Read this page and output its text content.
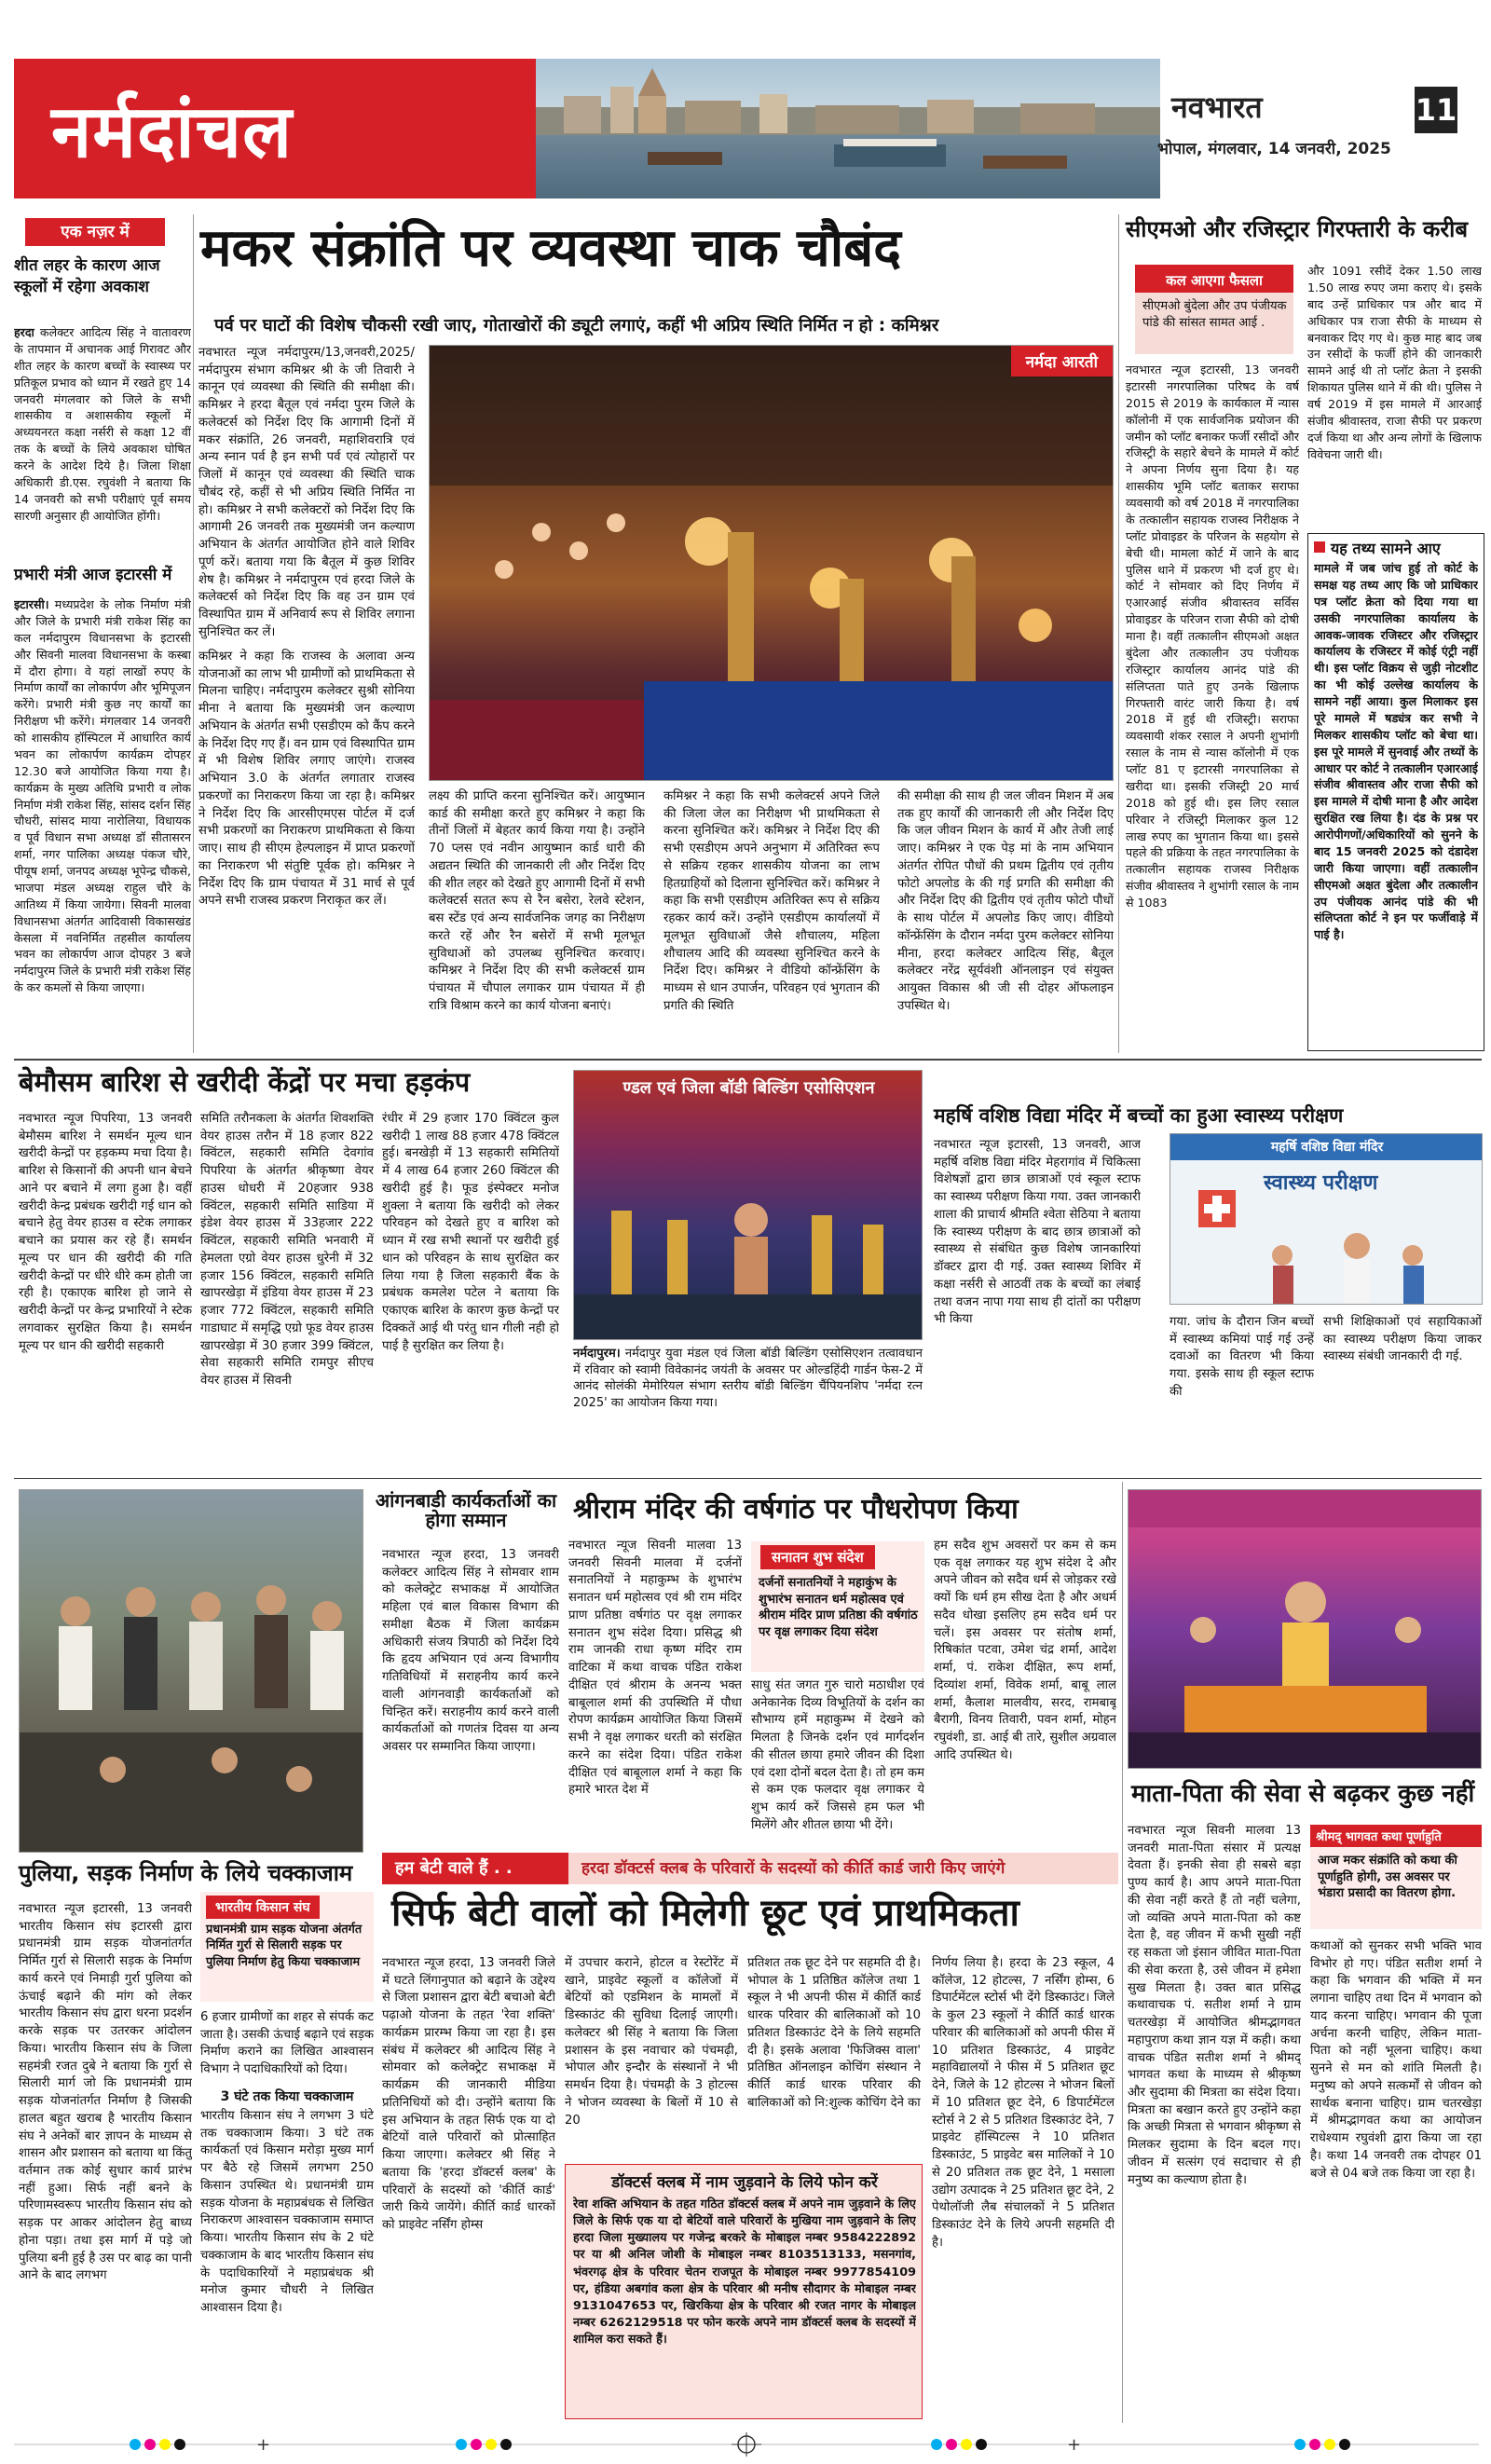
नर्मदांचल	नवभारत	11
भोपाल, मंगलवार, 14 जनवरी, 2025
एक नज़र में
शीत लहर के कारण आज स्कूलों में रहेगा अवकाश
हरदा कलेक्टर आदित्य सिंह ने वातावरण के तापमान में अचानक आई गिरावट और शीत लहर के कारण बच्चों के स्वास्थ्य पर प्रतिकूल प्रभाव को ध्यान में रखते हुए 14 जनवरी मंगलवार को जिले के सभी शासकीय व अशासकीय स्कूलों में अध्ययनरत कक्षा नर्सरी से कक्षा 12 वीं तक के बच्चों के लिये अवकाश घोषित करने के आदेश दिये है। जिला शिक्षा अधिकारी डी.एस. रघुवंशी ने बताया कि 14 जनवरी को सभी परीक्षाएं पूर्व समय सारणी अनुसार ही आयोजित होंगी।
प्रभारी मंत्री आज इटारसी में
इटारसी। मध्यप्रदेश के लोक निर्माण मंत्री और जिले के प्रभारी मंत्री राकेश सिंह का कल नर्मदापुरम विधानसभा के इटारसी और सिवनी मालवा विधानसभा के कस्बा में दौरा होगा। वे यहां लाखों रुपए के निर्माण कार्यों का लोकार्पण और भूमिपूजन करेंगे। प्रभारी मंत्री कुछ नए कार्यों का निरीक्षण भी करेंगे। मंगलवार 14 जनवरी को शासकीय हॉस्पिटल में आधारित कार्य भवन का लोकार्पण कार्यक्रम दोपहर 12.30 बजे आयोजित किया गया है। कार्यक्रम के मुख्य अतिथि प्रभारी व लोक निर्माण मंत्री राकेश सिंह, सांसद दर्शन सिंह चौधरी, सांसद माया नारोलिया, विधायक व पूर्व विधान सभा अध्यक्ष डॉ सीतासरन शर्मा, नगर पालिका अध्यक्ष पंकज चौरे, पीयूष शर्मा, जनपद अध्यक्ष भूपेन्द्र चौकसे, भाजपा मंडल अध्यक्ष राहुल चौरे के आतिथ्य में किया जायेगा। सिवनी मालवा विधानसभा अंतर्गत आदिवासी विकासखंड केसला में नवनिर्मित तहसील कार्यालय भवन का लोकार्पण आज दोपहर 3 बजे नर्मदापुरम जिले के प्रभारी मंत्री राकेश सिंह के कर कमलों से किया जाएगा।
मकर संक्रांति पर व्यवस्था चाक चौबंद
पर्व पर घाटों की विशेष चौकसी रखी जाए, गोताखोरों की ड्यूटी लगाएं, कहीं भी अप्रिय स्थिति निर्मित न हो : कमिश्नर
नवभारत न्यूज नर्मदापुरम/13,जनवरी,2025/ नर्मदापुरम संभाग कमिश्नर श्री के जी तिवारी ने कानून एवं व्यवस्था की स्थिति की समीक्षा की। कमिश्नर ने हरदा बैतूल एवं नर्मदा पुरम जिले के कलेक्टर्स को निर्देश दिए कि आगामी दिनों में मकर संक्रांति, 26 जनवरी, महाशिवरात्रि एवं अन्य स्नान पर्व है इन सभी पर्व एवं त्योहारों पर जिलों में कानून एवं व्यवस्था की स्थिति चाक चौबंद रहे, कहीं से भी अप्रिय स्थिति निर्मित ना हो। कमिश्नर ने सभी कलेक्टरों को निर्देश दिए कि आगामी 26 जनवरी तक मुख्यमंत्री जन कल्याण अभियान के अंतर्गत आयोजित होने वाले शिविर पूर्ण करें। बताया गया कि बैतूल में कुछ शिविर शेष है। कमिश्नर ने नर्मदापुरम एवं हरदा जिले के कलेक्टर्स को निर्देश दिए कि वह उन ग्राम एवं विस्थापित ग्राम में अनिवार्य रूप से शिविर लगाना सुनिश्चित कर लें।
कमिश्नर ने कहा कि राजस्व के अलावा अन्य योजनाओं का लाभ भी ग्रामीणों को प्राथमिकता से मिलना चाहिए। नर्मदापुरम कलेक्टर सुश्री सोनिया मीना ने बताया कि मुख्यमंत्री जन कल्याण अभियान के अंतर्गत सभी एसडीएम को कैंप करने के निर्देश दिए गए हैं। वन ग्राम एवं विस्थापित ग्राम में भी विशेष शिविर लगाए जाएंगे। राजस्व अभियान 3.0 के अंतर्गत लगातार राजस्व प्रकरणों का निराकरण किया जा रहा है। कमिश्नर ने निर्देश दिए कि आरसीएमएस पोर्टल में दर्ज सभी प्रकरणों का निराकरण प्राथमिकता से किया जाए। साथ ही सीएम हेल्पलाइन में प्राप्त प्रकरणों का निराकरण भी संतुष्टि पूर्वक हो। कमिश्नर ने निर्देश दिए कि ग्राम पंचायत में 31 मार्च से पूर्व अपने सभी राजस्व प्रकरण निराकृत कर लें।
नर्मदा आरती
लक्ष्य की प्राप्ति करना सुनिश्चित करें। आयुष्मान कार्ड की समीक्षा करते हुए कमिश्नर ने कहा कि तीनों जिलों में बेहतर कार्य किया गया है। उन्होंने 70 प्लस एवं नवीन आयुष्मान कार्ड धारी की अद्यतन स्थिति की जानकारी ली और निर्देश दिए की शीत लहर को देखते हुए आगामी दिनों में सभी कलेक्टर्स सतत रूप से रैन बसेरा, रेलवे स्टेशन, बस स्टेंड एवं अन्य सार्वजनिक जगह का निरीक्षण करते रहें और रैन बसेरों में सभी मूलभूत सुविधाओं को उपलब्ध सुनिश्चित करवाए। कमिश्नर ने निर्देश दिए की सभी कलेक्टर्स ग्राम पंचायत में चौपाल लगाकर ग्राम पंचायत में ही रात्रि विश्राम करने का कार्य योजना बनाएं।
कमिश्नर ने कहा कि सभी कलेक्टर्स अपने जिले की जिला जेल का निरीक्षण भी प्राथमिकता से करना सुनिश्चित करें। कमिश्नर ने निर्देश दिए की सभी एसडीएम अपने अनुभाग में अतिरिक्त रूप से सक्रिय रहकर शासकीय योजना का लाभ हितग्राहियों को दिलाना सुनिश्चित करें। कमिश्नर ने कहा कि सभी एसडीएम अतिरिक्त रूप से सक्रिय रहकर कार्य करें। उन्होंने एसडीएम कार्यालयों में मूलभूत सुविधाओं जैसे शौचालय, महिला शौचालय आदि की व्यवस्था सुनिश्चित करने के निर्देश दिए। कमिश्नर ने वीडियो कॉन्फ्रेंसिंग के माध्यम से धान उपार्जन, परिवहन एवं भुगतान की प्रगति की स्थिति
की समीक्षा की साथ ही जल जीवन मिशन में अब तक हुए कार्यों की जानकारी ली और निर्देश दिए कि जल जीवन मिशन के कार्य में और तेजी लाई जाए। कमिश्नर ने एक पेड़ मां के नाम अभियान अंतर्गत रोपित पौधों की प्रथम द्वितीय एवं तृतीय फोटो अपलोड के की गई प्रगति की समीक्षा की और निर्देश दिए की द्वितीय एवं तृतीय फोटो पौधों के साथ पोर्टल में अपलोड किए जाए। वीडियो कॉन्फ्रेंसिंग के दौरान नर्मदा पुरम कलेक्टर सोनिया मीना, हरदा कलेक्टर आदित्य सिंह, बैतूल कलेक्टर नरेंद्र सूर्यवंशी ऑनलाइन एवं संयुक्त आयुक्त विकास श्री जी सी दोहर ऑफलाइन उपस्थित थे।
सीएमओ और रजिस्ट्रार गिरफ्तारी के करीब
कल आएगा फैसला
सीएमओ बुंदेला और उप पंजीयक पांडे की सांसत सामत आई .
नवभारत न्यूज इटारसी, 13 जनवरी इटारसी नगरपालिका परिषद के वर्ष 2015 से 2019 के कार्यकाल में न्यास कॉलोनी में एक सार्वजनिक प्रयोजन की जमीन को प्लॉट बनाकर फर्जी रसीदों और रजिस्ट्री के सहारे बेचने के मामले में कोर्ट ने अपना निर्णय सुना दिया है। यह शासकीय भूमि प्लॉट बताकर सराफा व्यवसायी को वर्ष 2018 में नगरपालिका के तत्कालीन सहायक राजस्व निरीक्षक ने प्लॉट प्रोवाइडर के परिजन के सहयोग से बेची थी। मामला कोर्ट में जाने के बाद पुलिस थाने में प्रकरण भी दर्ज हुए थे। कोर्ट ने सोमवार को दिए निर्णय में एआरआई संजीव श्रीवास्तव सर्विस प्रोवाइडर के परिजन राजा सैफी को दोषी माना है। वहीं तत्कालीन सीएमओ अक्षत बुंदेला और तत्कालीन उप पंजीयक रजिस्ट्रार कार्यालय आनंद पांडे की संलिप्तता पाते हुए उनके खिलाफ गिरफ्तारी वारंट जारी किया है। वर्ष 2018 में हुई थी रजिस्ट्री। सराफा व्यवसायी शंकर रसाल ने अपनी शुभांगी रसाल के नाम से न्यास कॉलोनी में एक प्लॉट 81 ए इटारसी नगरपालिका से खरीदा था। इसकी रजिस्ट्री 20 मार्च 2018 को हुई थी। इस लिए रसाल परिवार ने रजिस्ट्री मिलाकर कुल 12 लाख रुपए का भुगतान किया था। इससे पहले की प्रक्रिया के तहत नगरपालिका के तत्कालीन सहायक राजस्व निरीक्षक संजीव श्रीवास्तव ने शुभांगी रसाल के नाम से 1083
और 1091 रसीदें देकर 1.50 लाख 1.50 लाख रुपए जमा कराए थे। इसके बाद उन्हें प्राधिकार पत्र और बाद में अधिकार पत्र राजा सैफी के माध्यम से बनवाकर दिए गए थे। कुछ माह बाद जब उन रसीदों के फर्जी होने की जानकारी सामने आई थी तो प्लॉट क्रेता ने इसकी शिकायत पुलिस थाने में की थी। पुलिस ने वर्ष 2019 में इस मामले में आरआई संजीव श्रीवास्तव, राजा सैफी पर प्रकरण दर्ज किया था और अन्य लोगों के खिलाफ विवेचना जारी थी।
यह तथ्य सामने आए
मामले में जब जांच हुई तो कोर्ट के समक्ष यह तथ्य आए कि जो प्राधिकार पत्र प्लॉट क्रेता को दिया गया था उसकी नगरपालिका कार्यालय के आवक-जावक रजिस्टर और रजिस्ट्रार कार्यालय के रजिस्टर में कोई एंट्री नहीं थी। इस प्लॉट विक्रय से जुड़ी नोटशीट का भी कोई उल्लेख कार्यालय के सामने नहीं आया। कुल मिलाकर इस पूरे मामले में षड्यंत्र कर सभी ने मिलकर शासकीय प्लॉट को बेचा था। इस पूरे मामले में सुनवाई और तथ्यों के आधार पर कोर्ट ने तत्कालीन एआरआई संजीव श्रीवास्तव और राजा सैफी को इस मामले में दोषी माना है और आदेश सुरक्षित रख लिया है। दंड के प्रश्न पर आरोपीगणों/अधिकारियों को सुनने के बाद 15 जनवरी 2025 को दंडादेश जारी किया जाएगा। वहीं तत्कालीन सीएमओ अक्षत बुंदेला और तत्कालीन उप पंजीयक आनंद पांडे की भी संलिप्तता कोर्ट ने इन पर फर्जीवाड़े में पाई है।
बेमौसम बारिश से खरीदी केंद्रों पर मचा हड़कंप
नवभारत न्यूज पिपरिया, 13 जनवरी बेमौसम बारिश ने समर्थन मूल्य धान खरीदी केन्द्रों पर हड़कम्प मचा दिया है। बारिश से किसानों की अपनी धान बेचने आने पर बचाने में लगा हुआ है। वहीं खरीदी केन्द्र प्रबंधक खरीदी गई धान को बचाने हेतु वेयर हाउस व स्टेक लगाकर बचाने का प्रयास कर रहे हैं। समर्थन मूल्य पर धान की खरीदी की गति खरीदी केन्द्रों पर धीरे धीरे कम होती जा रही है। एकाएक बारिश हो जाने से खरीदी केन्द्रों पर केन्द्र प्रभारियों ने स्टेक लगवाकर सुरक्षित किया है। समर्थन मूल्य पर धान की खरीदी सहकारी
समिति तरौनकला के अंतर्गत शिवशक्ति वेयर हाउस तरौन में 18 हजार 822 क्विंटल, सहकारी समिति देवगांव पिपरिया के अंतर्गत श्रीकृष्णा वेयर हाउस धोधरी में 20हजार 938 क्विंटल, सहकारी समिति साडिया में इंडेश वेयर हाउस में 33हजार 222 क्विंटल, सहकारी समिति भनवारी में हेमलता एग्रो वेयर हाउस धुरेनी में 32 हजार 156 क्विंटल, सहकारी समिति खापरखेड़ा में इंडिया वेयर हाउस में 23 हजार 772 क्विंटल, सहकारी समिति गाडाघाट में समृद्धि एग्रो फूड वेयर हाउस खापरखेड़ा में 30 हजार 399 क्विंटल, सेवा सहकारी समिति रामपुर सीएच वेयर हाउस में सिवनी
रंधीर में 29 हजार 170 क्विंटल कुल खरीदी 1 लाख 88 हजार 478 क्विंटल हुई। बनखेड़ी में 13 सहकारी समितियों में 4 लाख 64 हजार 260 क्विंटल की खरीदी हुई है। फूड इंस्पेक्टर मनोज शुक्ला ने बताया कि खरीदी को लेकर परिवहन को देखते हुए व बारिश को ध्यान में रख सभी स्थानों पर खरीदी हुई धान को परिवहन के साथ सुरक्षित कर लिया गया है जिला सहकारी बैंक के प्रबंधक कमलेश पटेल ने बताया कि एकाएक बारिश के कारण कुछ केन्द्रों पर दिक्कतें आई थी परंतु धान गीली नही हो पाई है सुरक्षित कर लिया है।
ण्डल एवं जिला बॉडी बिल्डिंग एसोसिएशन
नर्मदापुरम। नर्मदापुर युवा मंडल एवं जिला बॉडी बिल्डिंग एसोसिएशन तत्वावधान में रविवार को स्वामी विवेकानंद जयंती के अवसर पर ओल्डहिंदी गार्डन फेस-2 में आनंद सोलंकी मेमोरियल संभाग स्तरीय बॉडी बिल्डिंग चैंपियनशिप 'नर्मदा रत्न 2025' का आयोजन किया गया।
महर्षि वशिष्ठ विद्या मंदिर में बच्चों का हुआ स्वास्थ्य परीक्षण
नवभारत न्यूज इटारसी, 13 जनवरी, आज महर्षि वशिष्ठ विद्या मंदिर मेहरागांव में चिकित्सा विशेषज्ञों द्वारा छात्र छात्राओं एवं स्कूल स्टाफ का स्वास्थ्य परीक्षण किया गया. उक्त जानकारी शाला की प्राचार्य श्रीमति श्वेता सेठिया ने बताया कि स्वास्थ्य परीक्षण के बाद छात्र छात्राओं को स्वास्थ्य से संबंधित कुछ विशेष जानकारियां डॉक्टर द्वारा दी गई. उक्त स्वास्थ्य शिविर में कक्षा नर्सरी से आठवीं तक के बच्चों का लंबाई तथा वजन नापा गया साथ ही दांतों का परीक्षण भी किया
महर्षि वशिष्ठ विद्या मंदिर
स्वास्थ्य परीक्षण
गया. जांच के दौरान जिन बच्चों में स्वास्थ्य कमियां पाई गई उन्हें दवाओं का वितरण भी किया गया. इसके साथ ही स्कूल स्टाफ की
सभी शिक्षिकाओं एवं सहायिकाओं का स्वास्थ्य परीक्षण किया जाकर स्वास्थ्य संबंधी जानकारी दी गई.
आंगनबाडी कार्यकर्ताओं का होगा सम्मान
नवभारत न्यूज हरदा, 13 जनवरी कलेक्टर आदित्य सिंह ने सोमवार शाम को कलेक्ट्रेट सभाकक्ष में आयोजित महिला एवं बाल विकास विभाग की समीक्षा बैठक में जिला कार्यक्रम अधिकारी संजय त्रिपाठी को निर्देश दिये कि हृदय अभियान एवं अन्य विभागीय गतिविधियों में सराहनीय कार्य करने वाली आंगनवाड़ी कार्यकर्ताओं को चिन्हित करें। सराहनीय कार्य करने वाली कार्यकर्ताओं को गणतंत्र दिवस या अन्य अवसर पर सम्मानित किया जाएगा।
श्रीराम मंदिर की वर्षगांठ पर पौधरोपण किया
नवभारत न्यूज सिवनी मालवा 13 जनवरी सिवनी मालवा में दर्जनों सनातनियों ने महाकुम्भ के शुभारंभ सनातन धर्म महोत्सव एवं श्री राम मंदिर प्राण प्रतिष्ठा वर्षगांठ पर वृक्ष लगाकर सनातन शुभ संदेश दिया। प्रसिद्ध श्री राम जानकी राधा कृष्ण मंदिर राम वाटिका में कथा वाचक पंडित राकेश दीक्षित एवं श्रीराम के अनन्य भक्त बाबूलाल शर्मा की उपस्थिति में पौधा रोपण कार्यक्रम आयोजित किया जिसमें सभी ने वृक्ष लगाकर धरती को संरक्षित करने का संदेश दिया। पंडित राकेश दीक्षित एवं बाबूलाल शर्मा ने कहा कि हमारे भारत देश में
सनातन शुभ संदेश
दर्जनों सनातनियों ने महाकुंभ के शुभारंभ सनातन धर्म महोत्सव एवं श्रीराम मंदिर प्राण प्रतिष्ठा की वर्षगांठ पर वृक्ष लगाकर दिया संदेश
साधु संत जगत गुरु चारो मठाधीश एवं अनेकानेक दिव्य विभूतियों के दर्शन का सौभाग्य हमें महाकुम्भ में देखने को मिलता है जिनके दर्शन एवं मार्गदर्शन की सीतल छाया हमारे जीवन की दिशा एवं दशा दोनों बदल देता है। तो हम कम से कम एक फलदार वृक्ष लगाकर ये शुभ कार्य करें जिससे हम फल भी मिलेंगे और शीतल छाया भी देंगे।
हम सदैव शुभ अवसरों पर कम से कम एक वृक्ष लगाकर यह शुभ संदेश दे और अपने जीवन को सदैव धर्म से जोड़कर रखे क्यों कि धर्म हम सीख देता है और अधर्म सदैव धोखा इसलिए हम सदैव धर्म पर चलें। इस अवसर पर संतोष शर्मा, रिषिकांत पटवा, उमेश चंद्र शर्मा, आदेश शर्मा, पं. राकेश दीक्षित, रूप शर्मा, दिव्यांश शर्मा, विवेक शर्मा, बाबू लाल शर्मा, कैलाश मालवीय, सरद, रामबाबू बैरागी, विनय तिवारी, पवन शर्मा, मोहन रघुवंशी, डा. आई बी तारे, सुशील अग्रवाल आदि उपस्थित थे।
माता-पिता की सेवा से बढ़कर कुछ नहीं
नवभारत न्यूज सिवनी मालवा 13 जनवरी माता-पिता संसार में प्रत्यक्ष देवता हैं। इनकी सेवा ही सबसे बड़ा पुण्य कार्य है। आप अपने माता-पिता की सेवा नहीं करते हैं तो नहीं चलेगा, जो व्यक्ति अपने माता-पिता को कष्ट देता है, वह जीवन में कभी सुखी नहीं रह सकता जो इंसान जीवित माता-पिता की सेवा करता है, उसे जीवन में हमेशा सुख मिलता है। उक्त बात प्रसिद्ध कथावाचक पं. सतीश शर्मा ने ग्राम चतरखेड़ा में आयोजित श्रीमद्भागवत महापुराण कथा ज्ञान यज्ञ में कही। कथा वाचक पंडित सतीश शर्मा ने श्रीमद् भागवत कथा के माध्यम से श्रीकृष्ण और सुदामा की मित्रता का संदेश दिया। मित्रता का बखान करते हुए उन्होंने कहा कि अच्छी मित्रता से भगवान श्रीकृष्ण से मिलकर सुदामा के दिन बदल गए। जीवन में सत्संग एवं सदाचार से ही मनुष्य का कल्याण होता है।
श्रीमद् भागवत कथा पूर्णाहुति
आज मकर संक्रांति को कथा की पूर्णाहुति होगी, उस अवसर पर भंडारा प्रसादी का वितरण होगा.
कथाओं को सुनकर सभी भक्ति भाव विभोर हो गए। पंडित सतीश शर्मा ने कहा कि भगवान की भक्ति में मन लगाना चाहिए तथा दिन में भगवान को याद करना चाहिए। भगवान की पूजा अर्चना करनी चाहिए, लेकिन माता-पिता को नहीं भूलना चाहिए। कथा सुनने से मन को शांति मिलती है। मनुष्य को अपने सत्कर्मों से जीवन को सार्थक बनाना चाहिए। ग्राम चतरखेड़ा में श्रीमद्भागवत कथा का आयोजन राधेश्याम रघुवंशी द्वारा किया जा रहा है। कथा 14 जनवरी तक दोपहर 01 बजे से 04 बजे तक किया जा रहा है।
पुलिया, सड़क निर्माण के लिये चक्काजाम
नवभारत न्यूज इटारसी, 13 जनवरी भारतीय किसान संघ इटारसी द्वारा प्रधानमंत्री ग्राम सड़क योजनांतर्गत निर्मित गुर्रा से सिलारी सड़क के निर्माण कार्य करने एवं निमाड़ी गुर्रा पुलिया को ऊंचाई बढ़ाने की मांग को लेकर भारतीय किसान संघ द्वारा धरना प्रदर्शन करके सड़क पर उतरकर आंदोलन किया। भारतीय किसान संघ के जिला सहमंत्री रजत दुबे ने बताया कि गुर्रा से सिलारी मार्ग जो कि प्रधानमंत्री ग्राम सड़क योजनांतर्गत निर्माण है जिसकी हालत बहुत खराब है भारतीय किसान संघ ने अनेकों बार ज्ञापन के माध्यम से शासन और प्रशासन को बताया था किंतु वर्तमान तक कोई सुधार कार्य प्रारंभ नहीं हुआ। सिर्फ नहीं बनने के परिणामस्वरूप भारतीय किसान संघ को सड़क पर आकर आंदोलन हेतु बाध्य होना पड़ा। तथा इस मार्ग में पड़े जो पुलिया बनी हुई है उस पर बाढ़ का पानी आने के बाद लगभग
भारतीय किसान संघ
प्रधानमंत्री ग्राम सड़क योजना अंतर्गत निर्मित गुर्रा से सिलारी सड़क पर पुलिया निर्माण हेतु किया चक्काजाम
हम बेटी वाले हैं . .	हरदा डॉक्टर्स क्लब के परिवारों के सदस्यों को कीर्ति कार्ड जारी किए जाएंगे
सिर्फ बेटी वालों को मिलेगी छूट एवं प्राथमिकता
6 हजार ग्रामीणों का शहर से संपर्क कट जाता है। उसकी ऊंचाई बढ़ाने एवं सड़क निर्माण कराने का लिखित आश्वासन विभाग ने पदाधिकारियों को दिया।
3 घंटे तक किया चक्काजाम
भारतीय किसान संघ ने लगभग 3 घंटे तक चक्काजाम किया। 3 घंटे तक कार्यकर्ता एवं किसान मरोड़ा मुख्य मार्ग पर बैठे रहे जिसमें लगभग 250 किसान उपस्थित थे। प्रधानमंत्री ग्राम सड़क योजना के महाप्रबंधक से लिखित निराकरण आश्वासन चक्काजाम समाप्त किया। भारतीय किसान संघ के 2 घंटे चक्काजाम के बाद भारतीय किसान संघ के पदाधिकारियों ने महाप्रबंधक श्री मनोज कुमार चौधरी ने लिखित आश्वासन दिया है।
नवभारत न्यूज हरदा, 13 जनवरी जिले में घटते लिंगानुपात को बढ़ाने के उद्देश्य से जिला प्रशासन द्वारा बेटी बचाओ बेटी पढ़ाओ योजना के तहत 'रेवा शक्ति' कार्यक्रम प्रारम्भ किया जा रहा है। इस संबंध में कलेक्टर श्री आदित्य सिंह ने सोमवार को कलेक्ट्रेट सभाकक्ष में कार्यक्रम की जानकारी मीडिया प्रतिनिधियों को दी। उन्होंने बताया कि इस अभियान के तहत सिर्फ एक या दो बेटियों वाले परिवारों को प्रोत्साहित किया जाएगा। कलेक्टर श्री सिंह ने बताया कि 'हरदा डॉक्टर्स क्लब' के परिवारों के सदस्यों को 'कीर्ति कार्ड' जारी किये जायेंगे। कीर्ति कार्ड धारकों को प्राइवेट नर्सिंग होम्स
में उपचार कराने, होटल व रेस्टोरेंट में खाने, प्राइवेट स्कूलों व कॉलेजों में बेटियों को एडमिशन के मामलों में डिस्काउंट की सुविधा दिलाई जाएगी। कलेक्टर श्री सिंह ने बताया कि जिला प्रशासन के इस नवाचार को पंचमढ़ी, भोपाल और इन्दौर के संस्थानों ने भी समर्थन दिया है। पंचमढ़ी के 3 होटल्स ने भोजन व्यवस्था के बिलों में 10 से 20
प्रतिशत तक छूट देने पर सहमति दी है। भोपाल के 1 प्रतिष्ठित कॉलेज तथा 1 स्कूल ने भी अपनी फीस में कीर्ति कार्ड धारक परिवार की बालिकाओं को 10 प्रतिशत डिस्काउंट देने के लिये सहमति दी है। इसके अलावा 'फिजिक्स वाला' प्रतिष्ठित ऑनलाइन कोचिंग संस्थान ने कीर्ति कार्ड धारक परिवार की बालिकाओं को नि:शुल्क कोचिंग देने का
निर्णय लिया है। हरदा के 23 स्कूल, 4 कॉलेज, 12 होटल्स, 7 नर्सिंग होम्स, 6 डिपार्टमेंटल स्टोर्स भी देंगे डिस्काउंट। जिले के कुल 23 स्कूलों ने कीर्ति कार्ड धारक परिवार की बालिकाओं को अपनी फीस में 10 प्रतिशत डिस्काउंट, 4 प्राइवेट महाविद्यालयों ने फीस में 5 प्रतिशत छूट देने, जिले के 12 होटल्स ने भोजन बिलों में 10 प्रतिशत छूट देने, 6 डिपार्टमेंटल स्टोर्स ने 2 से 5 प्रतिशत डिस्काउंट देने, 7 प्राइवेट हॉस्पिटल्स ने 10 प्रतिशत डिस्काउंट, 5 प्राइवेट बस मालिकों ने 10 से 20 प्रतिशत तक छूट देने, 1 मसाला उद्योग उत्पादक ने 25 प्रतिशत छूट देने, 2 पेथोलॉजी लैब संचालकों ने 5 प्रतिशत डिस्काउंट देने के लिये अपनी सहमति दी है।
डॉक्टर्स क्लब में नाम जुड़वाने के लिये फोन करें
रेवा शक्ति अभियान के तहत गठित डॉक्टर्स क्लब में अपने नाम जुड़वाने के लिए जिले के सिर्फ एक या दो बेटियों वाले परिवारों के मुखिया नाम जुड़वाने के लिए हरदा जिला मुख्यालय पर गजेन्द्र बरकरे के मोबाइल नम्बर 9584222892 पर या श्री अनिल जोशी के मोबाइल नम्बर 8103513133, मसनगांव, भंवरगढ़ क्षेत्र के परिवार चेतन राजपूत के मोबाइल नम्बर 9977854109 पर, हंडिया अबगांव कला क्षेत्र के परिवार श्री मनीष सौदागर के मोबाइल नम्बर 9131047653 पर, खिरकिया क्षेत्र के परिवार श्री रजत नागर के मोबाइल नम्बर 6262129518 पर फोन करके अपने नाम डॉक्टर्स क्लब के सदस्यों में शामिल करा सकते हैं।
+	+
